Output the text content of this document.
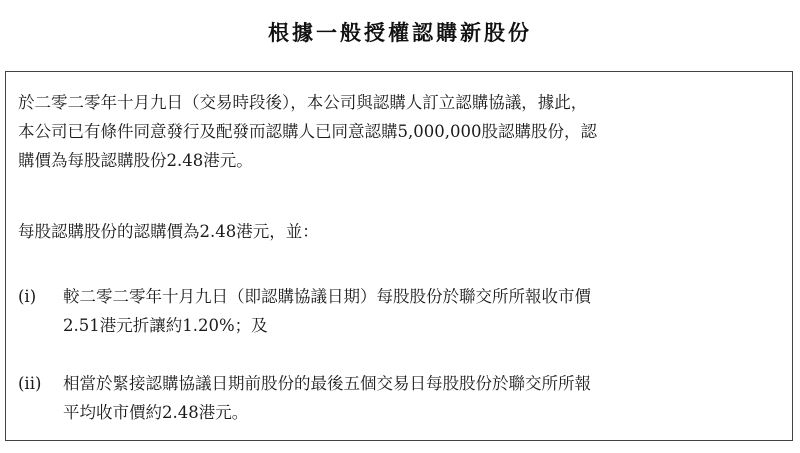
根據一般授權認購新股份
於二零二零年十月九日（交易時段後），本公司與認購人訂立認購協議，據此，
本公司已有條件同意發行及配發而認購人已同意認購5,000,000股認購股份，認
購價為每股認購股份2.48港元。
每股認購股份的認購價為2.48港元，並：
(i) 較二零二零年十月九日（即認購協議日期）每股股份於聯交所所報收市價
2.51港元折讓約1.20%；及
(ii) 相當於緊接認購協議日期前股份的最後五個交易日每股股份於聯交所所報
平均收市價約2.48港元。
